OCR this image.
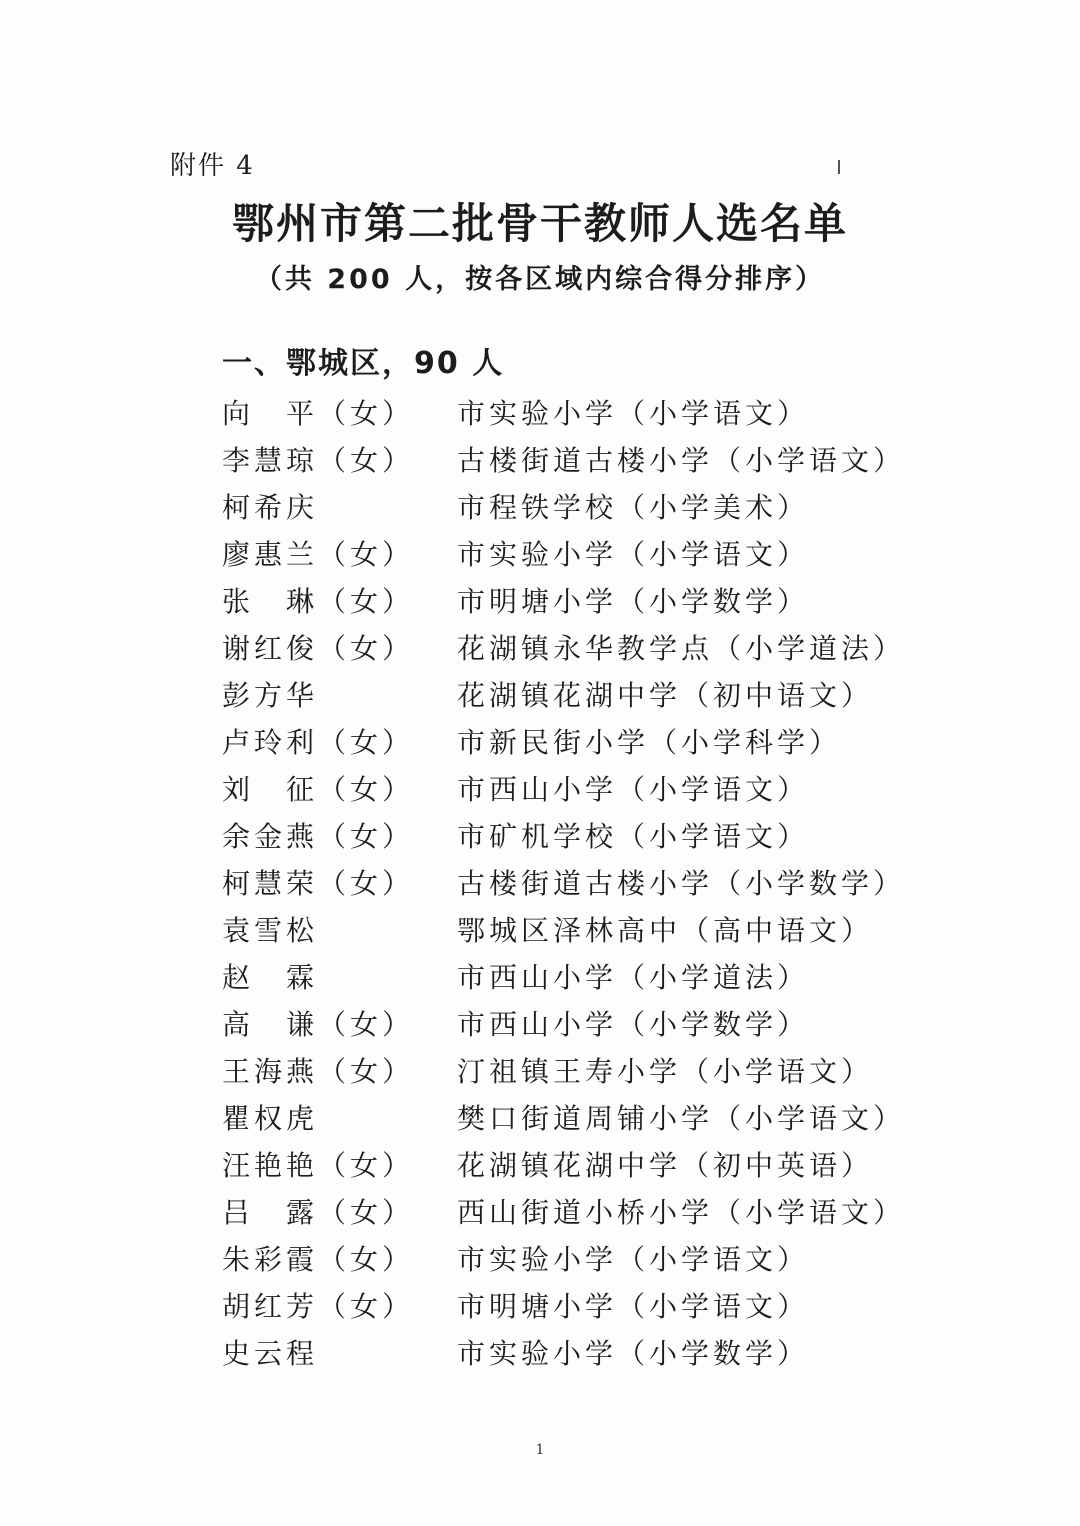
附件 4
鄂州市第二批骨干教师人选名单
（共 200 人，按各区域内综合得分排序）
一、鄂城区，90 人
向　平（女） 市实验小学（小学语文）
李慧琼（女） 古楼街道古楼小学（小学语文）
柯希庆	市程铁学校（小学美术）
廖惠兰（女） 市实验小学（小学语文）
张　琳（女） 市明塘小学（小学数学）
谢红俊（女） 花湖镇永华教学点（小学道法）
彭方华	花湖镇花湖中学（初中语文）
卢玲利（女） 市新民街小学（小学科学）
刘　征（女） 市西山小学（小学语文）
余金燕（女） 市矿机学校（小学语文）
柯慧荣（女） 古楼街道古楼小学（小学数学）
袁雪松	鄂城区泽林高中（高中语文）
赵　霖	市西山小学（小学道法）
高　谦（女） 市西山小学（小学数学）
王海燕（女） 汀祖镇王寿小学（小学语文）
瞿权虎	樊口街道周铺小学（小学语文）
汪艳艳（女） 花湖镇花湖中学（初中英语）
吕　露（女） 西山街道小桥小学（小学语文）
朱彩霞（女） 市实验小学（小学语文）
胡红芳（女） 市明塘小学（小学语文）
史云程	市实验小学（小学数学）
1
